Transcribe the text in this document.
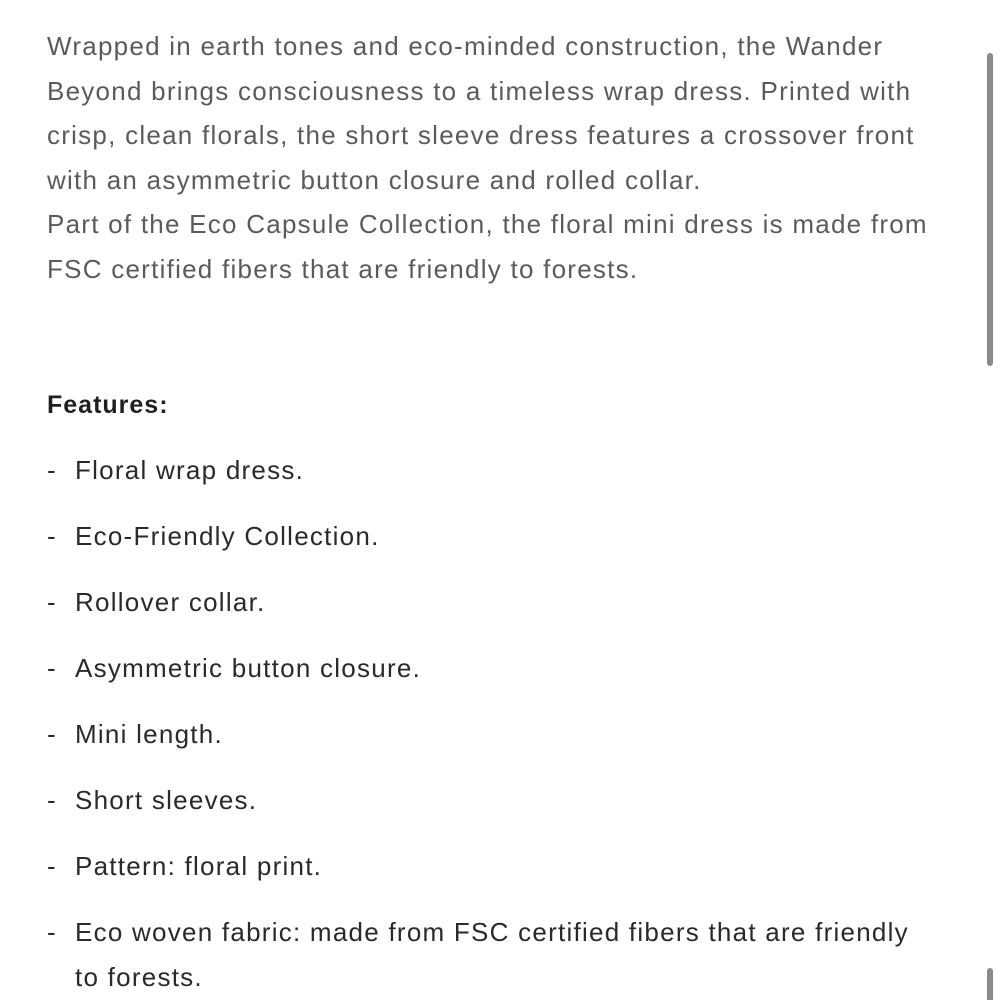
Wrapped in earth tones and eco-minded construction, the Wander Beyond brings consciousness to a timeless wrap dress. Printed with crisp, clean florals, the short sleeve dress features a crossover front with an asymmetric button closure and rolled collar.

Part of the Eco Capsule Collection, the floral mini dress is made from FSC certified fibers that are friendly to forests.

Features:
- Floral wrap dress.
- Eco-Friendly Collection.
- Rollover collar.
- Asymmetric button closure.
- Mini length.
- Short sleeves.
- Pattern: floral print.
- Eco woven fabric: made from FSC certified fibers that are friendly to forests.
